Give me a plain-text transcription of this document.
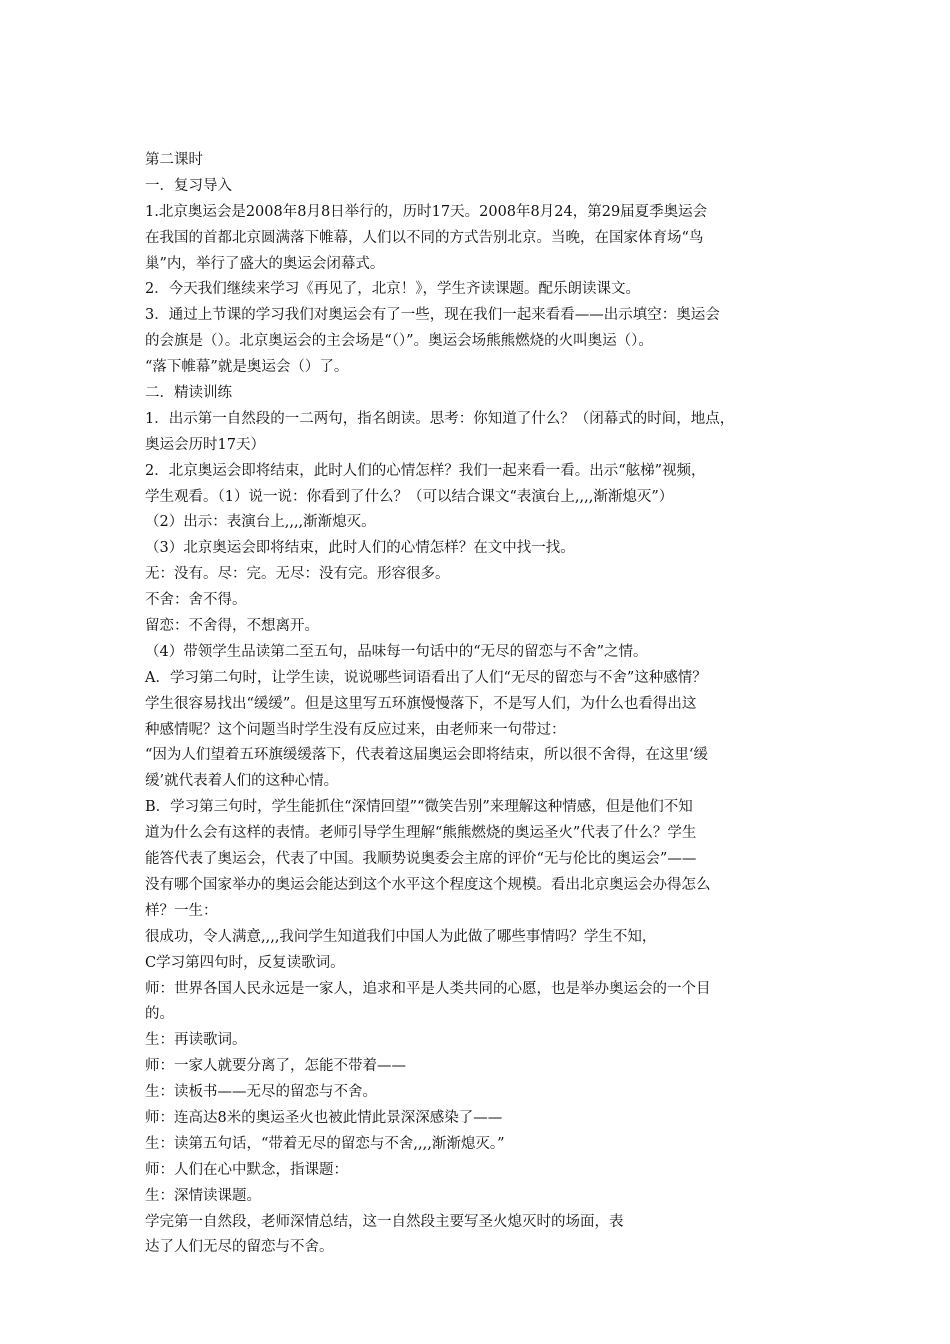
第二课时
一．复习导入
1.北京奥运会是2008年8月8日举行的，历时17天。2008年8月24，第29届夏季奥运会
在我国的首都北京圆满落下帷幕，人们以不同的方式告别北京。当晚，在国家体育场“鸟
巢”内，举行了盛大的奥运会闭幕式。
2．今天我们继续来学习《再见了，北京！》，学生齐读课题。配乐朗读课文。
3．通过上节课的学习我们对奥运会有了一些，现在我们一起来看看——出示填空：奥运会
的会旗是（）。北京奥运会的主会场是“（）”。奥运会场熊熊燃烧的火叫奥运（）。
“落下帷幕”就是奥运会（）了。
二．精读训练
1．出示第一自然段的一二两句，指名朗读。思考：你知道了什么？（闭幕式的时间，地点，
奥运会历时17天）
2．北京奥运会即将结束，此时人们的心情怎样？我们一起来看一看。出示“舷梯”视频，
学生观看。（1）说一说：你看到了什么？（可以结合课文“表演台上,,,,渐渐熄灭”）
（2）出示：表演台上,,,,渐渐熄灭。
（3）北京奥运会即将结束，此时人们的心情怎样？在文中找一找。
无：没有。尽：完。无尽：没有完。形容很多。
不舍：舍不得。
留恋：不舍得，不想离开。
（4）带领学生品读第二至五句，品味每一句话中的“无尽的留恋与不舍”之情。
A．学习第二句时，让学生读，说说哪些词语看出了人们“无尽的留恋与不舍”这种感情？
学生很容易找出“缓缓”。但是这里写五环旗慢慢落下，不是写人们，为什么也看得出这
种感情呢？这个问题当时学生没有反应过来，由老师来一句带过：
“因为人们望着五环旗缓缓落下，代表着这届奥运会即将结束，所以很不舍得，在这里‘缓
缓’就代表着人们的这种心情。
B．学习第三句时，学生能抓住“深情回望”“微笑告别”来理解这种情感，但是他们不知
道为什么会有这样的表情。老师引导学生理解“熊熊燃烧的奥运圣火”代表了什么？学生
能答代表了奥运会，代表了中国。我顺势说奥委会主席的评价“无与伦比的奥运会”——
没有哪个国家举办的奥运会能达到这个水平这个程度这个规模。看出北京奥运会办得怎么
样？一生：
很成功，令人满意,,,,我问学生知道我们中国人为此做了哪些事情吗？学生不知，
C学习第四句时，反复读歌词。
师：世界各国人民永远是一家人，追求和平是人类共同的心愿，也是举办奥运会的一个目
的。
生：再读歌词。
师：一家人就要分离了，怎能不带着——
生：读板书——无尽的留恋与不舍。
师：连高达8米的奥运圣火也被此情此景深深感染了——
生：读第五句话，“带着无尽的留恋与不舍,,,,渐渐熄灭。”
师：人们在心中默念，指课题：
生：深情读课题。
学完第一自然段，老师深情总结，这一自然段主要写圣火熄灭时的场面，表
达了人们无尽的留恋与不舍。
